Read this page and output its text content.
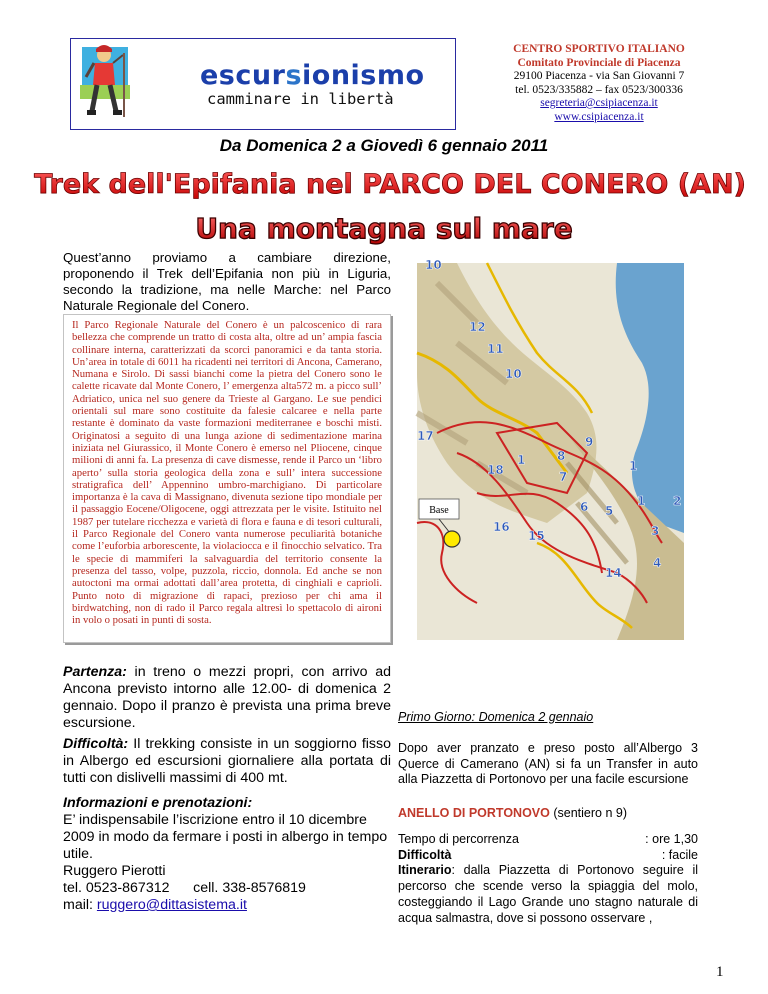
escursionismo
camminare in libertà
CENTRO SPORTIVO ITALIANO
Comitato Provinciale di Piacenza
29100 Piacenza - via San Giovanni 7
tel. 0523/335882 – fax 0523/300336
segreteria@csipiacenza.it
www.csipiacenza.it
Da Domenica 2 a Giovedì 6 gennaio 2011
Trek dell'Epifania nel PARCO DEL CONERO (AN)
Una montagna sul mare
Quest’anno proviamo a cambiare direzione, proponendo il Trek dell’Epifania non più in Liguria, secondo la tradizione, ma nelle Marche: nel Parco Naturale Regionale del Conero.
Il Parco Regionale Naturale del Conero è un palcoscenico di rara bellezza che comprende un tratto di costa alta, oltre ad un’ ampia fascia collinare interna, caratterizzati da scorci panoramici e da tanta storia. Un’area in totale di 6011 ha ricadenti nei territori di Ancona, Camerano, Numana e Sirolo. Di sassi bianchi come la pietra del Conero sono le calette ricavate dal Monte Conero, l’ emergenza alta572 m. a picco sull’ Adriatico, unica nel suo genere da Trieste al Gargano. Le sue pendici orientali sul mare sono costituite da falesie calcaree e nella parte restante è dominato da vaste formazioni mediterranee e boschi misti. Originatosi a seguito di una lunga azione di sedimentazione marina iniziata nel Giurassico, il Monte Conero è emerso nel Pliocene, cinque milioni di anni fa. La presenza di cave dismesse, rende il Parco un ‘libro aperto’ sulla storia geologica della zona e sull’ intera successione stratigrafica dell’ Appennino umbro-marchigiano. Di particolare importanza è la cava di Massignano, divenuta sezione tipo mondiale per il passaggio Eocene/Oligocene, oggi attrezzata per le visite. Istituito nel 1987 per tutelare ricchezza e varietà di flora e fauna e di tesori culturali, il Parco Regionale del Conero vanta numerose peculiarità botaniche come l’euforbia arborescente, la violaciocca e il finocchio selvatico. Tra le specie di mammiferi la salvaguardia del territorio consente la presenza del tasso, volpe, puzzola, riccio, donnola. Ed anche se non autoctoni ma ormai adottati dall’area protetta, di cinghiali e caprioli. Punto noto di migrazione di rapaci, prezioso per chi ama il birdwatching, non di rado il Parco regala altresì lo spettacolo di aironi in volo o posati in punti di sosta.
Partenza: in treno o mezzi propri, con arrivo ad Ancona previsto intorno alle 12.00- di domenica 2 gennaio. Dopo il pranzo è prevista una prima breve escursione.
Difficoltà: Il trekking consiste in un soggiorno fisso in Albergo ed escursioni giornaliere alla portata di tutti con dislivelli massimi di 400 mt.
Informazioni e prenotazioni:
E’ indispensabile l’iscrizione entro il 10 dicembre 2009 in modo da fermare i posti in albergo in tempo utile.
Ruggero Pierotti
tel. 0523-867312      cell. 338-8576819
mail: ruggero@dittasistema.it
10
12
11
10
9
17
1	8
18	7
1
1 2
6 5
16
15	3
4
14
Base
Primo Giorno: Domenica 2 gennaio
Dopo aver pranzato e preso posto all’Albergo 3 Querce di Camerano (AN) si fa un Transfer in auto alla Piazzetta di Portonovo per una facile escursione
ANELLO DI PORTONOVO (sentiero n 9)
Tempo di percorrenza	: ore 1,30
Difficoltà	: facile
Itinerario: dalla Piazzetta di Portonovo seguire il percorso che scende verso la spiaggia del molo, costeggiando il Lago Grande uno stagno naturale di acqua salmastra, dove si possono osservare ,
1
